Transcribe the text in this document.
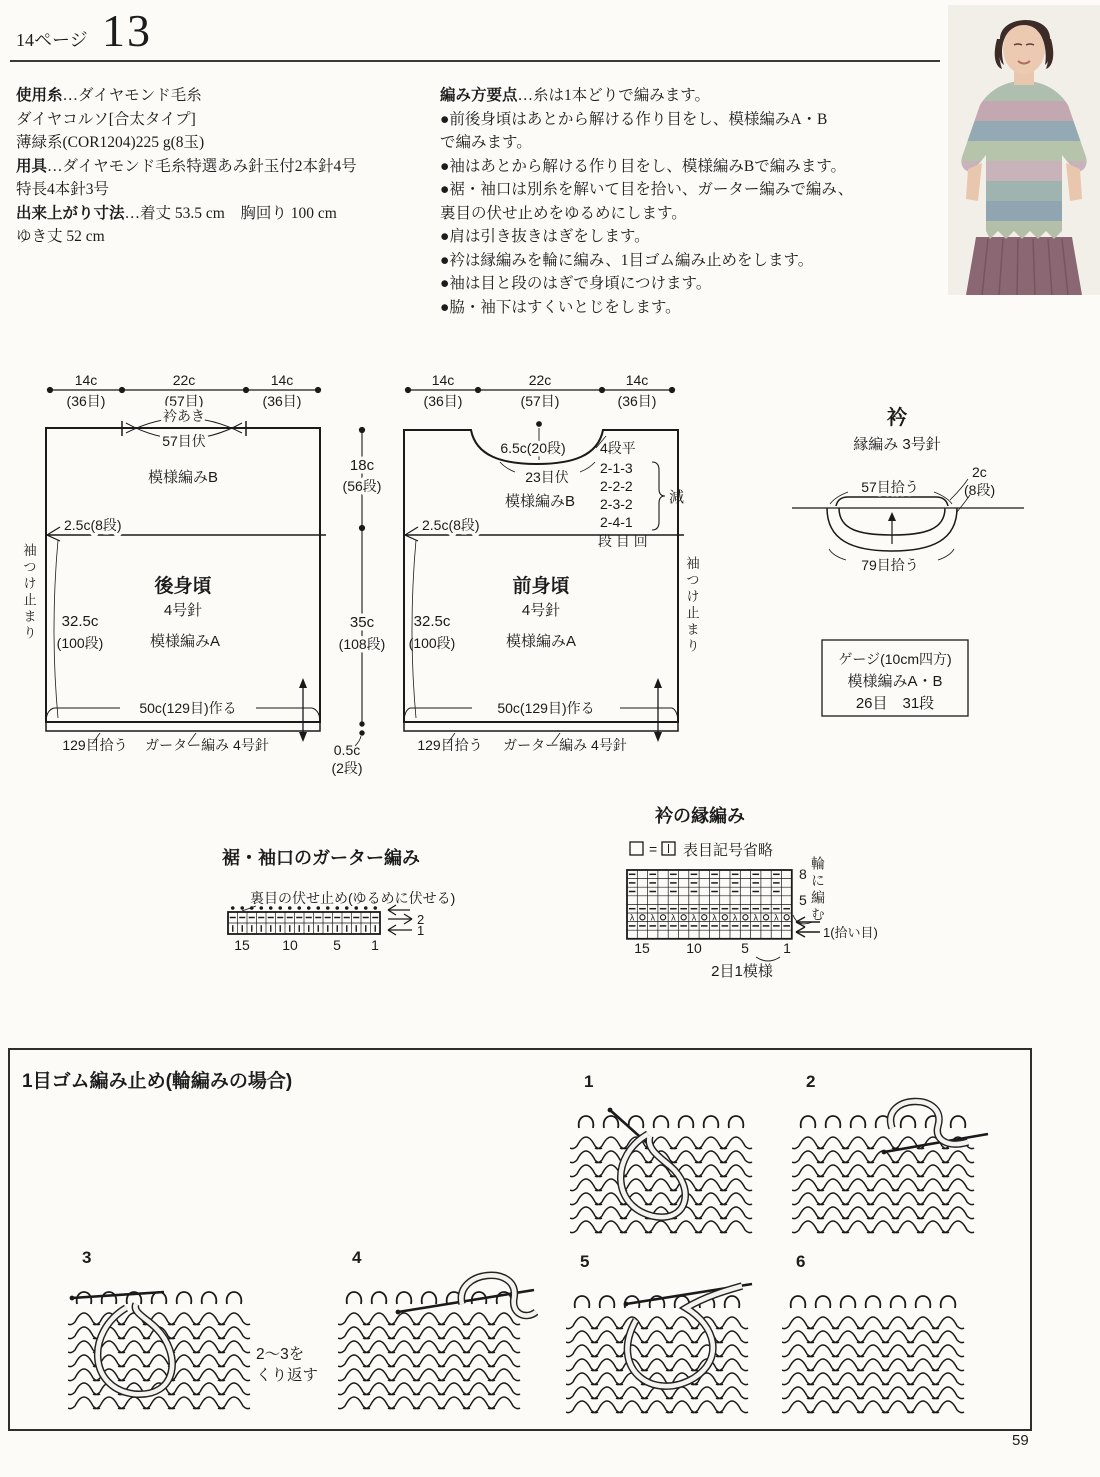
14ページ 13
使用糸…ダイヤモンド毛糸
ダイヤコルソ[合太タイプ]
薄緑系(COR1204)225 g(8玉)
用具…ダイヤモンド毛糸特選あみ針玉付2本針4号
特長4本針3号
出来上がり寸法…着丈 53.5 cm　胸回り 100 cm
ゆき丈 52 cm
編み方要点…糸は1本どりで編みます。
●前後身頃はあとから解ける作り目をし、模様編みA・B
で編みます。
●袖はあとから解ける作り目をし、模様編みBで編みます。
●裾・袖口は別糸を解いて目を拾い、ガーター編みで編み、
裏目の伏せ止めをゆるめにします。
●肩は引き抜きはぎをします。
●衿は縁編みを輪に編み、1目ゴム編み止めをします。
●袖は目と段のはぎで身頃につけます。
●脇・袖下はすくいとじをします。
14c
(36目)
22c
(57目)
14c
(36目)
衿あき
57目伏
模様編みB
2.5c(8段)
後身頃
4号針
32.5c
(100段)	模様編みA
50c(129目)作る
129目拾う ガーター編み 4号針
18c
(56段)
35c
(108段)
0.5c
(2段)
14c
(36目)
22c
(57目)
14c
(36目)
6.5c(20段)
23目伏
模様編みB
4段平
2-1-3
2-2-2
2-3-2
2-4-1
段 目 回
減
2.5c(8段)
前身頃
4号針
32.5c
(100段)	模様編みA
50c(129目)作る
129目拾う ガーター編み 4号針
衿
縁編み 3号針
57目拾う
2c
(8段)
79目拾う
ゲージ(10cm四方)
模様編みA・B
26目　31段
袖つけ止まり	袖つけ止まり
輪に編む
λ λ λ λ λ λ λ λ
裾・袖口のガーター編み
裏目の伏せ止め(ゆるめに伏せる)
2
1
15 10	5 1
衿の縁編み
= 表目記号省略
8
5
1(拾い目)
15	10	5 1
2目1模様
1目ゴム編み止め(輪編みの場合)	1	2
3	4	5	6
2〜3を
くり返す
59
